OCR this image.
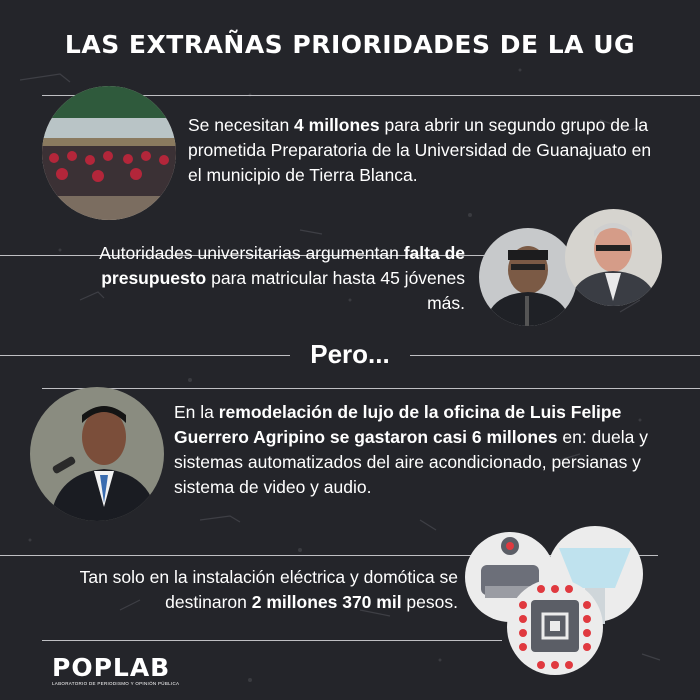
LAS EXTRAÑAS PRIORIDADES DE LA UG
Se necesitan 4 millones para abrir un segundo grupo de la prometida Preparatoria de la Universidad de Guanajuato en el municipio de Tierra Blanca.
Autoridades universitarias argumentan falta de presupuesto para matricular hasta 45 jóvenes más.
Pero...
En la remodelación de lujo de la oficina de Luis Felipe Guerrero Agripino se gastaron casi 6 millones en: duela y sistemas automatizados del aire acondicionado, persianas y sistema de video y audio.
Tan solo en la instalación eléctrica y domótica se destinaron 2 millones 370 mil pesos.
POPLAB
LABORATORIO DE PERIODISMO Y OPINIÓN PÚBLICA
